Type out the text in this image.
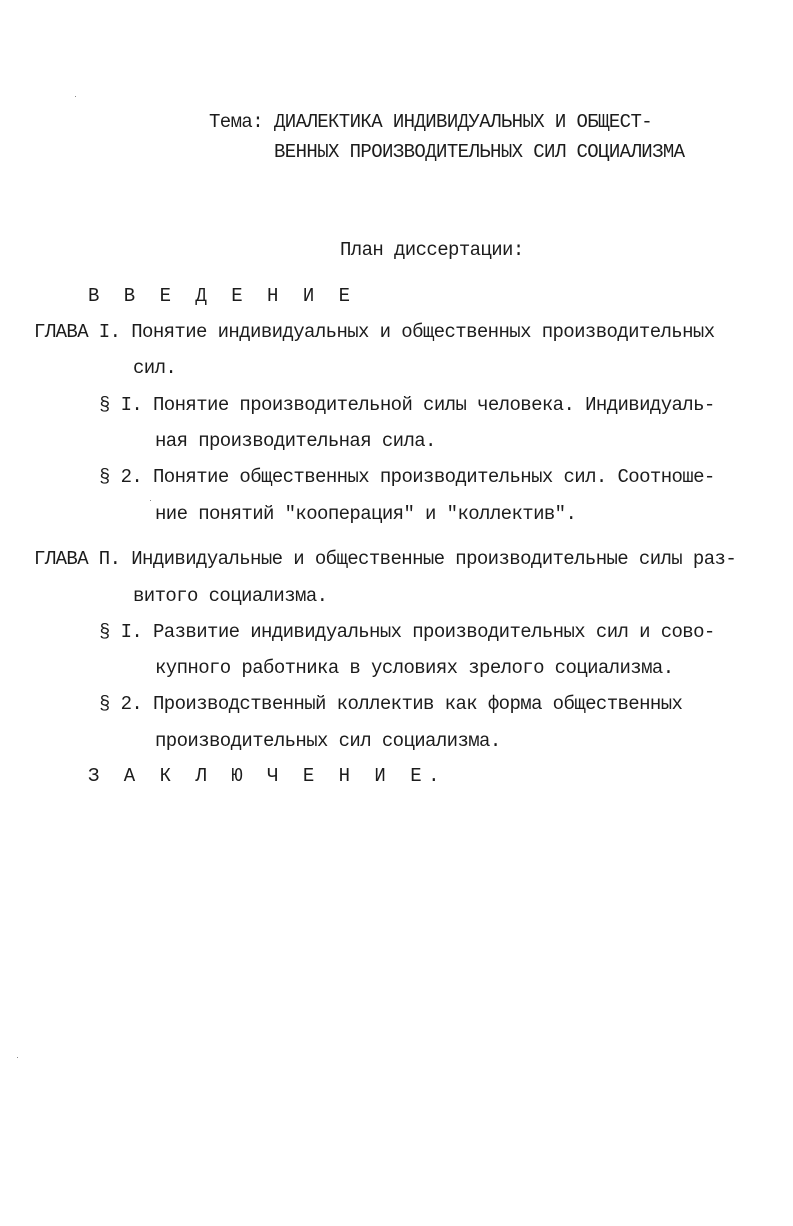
Тема: ДИАЛЕКТИКА ИНДИВИДУАЛЬНЫХ И ОБЩЕСТ-
ВЕННЫХ ПРОИЗВОДИТЕЛЬНЫХ СИЛ СОЦИАЛИЗМА
План диссертации:
В В Е Д Е Н И Е
ГЛАВА I. Понятие индивидуальных и общественных производительных
сил.
§ I. Понятие производительной силы человека. Индивидуаль-
ная производительная сила.
§ 2. Понятие общественных производительных сил. Соотноше-
ние понятий "кооперация" и "коллектив".
ГЛАВА П. Индивидуальные и общественные производительные силы раз-
витого социализма.
§ I. Развитие индивидуальных производительных сил и сово-
купного работника в условиях зрелого социализма.
§ 2. Производственный коллектив как форма общественных
производительных сил социализма.
З А К Л Ю Ч Е Н И Е.
